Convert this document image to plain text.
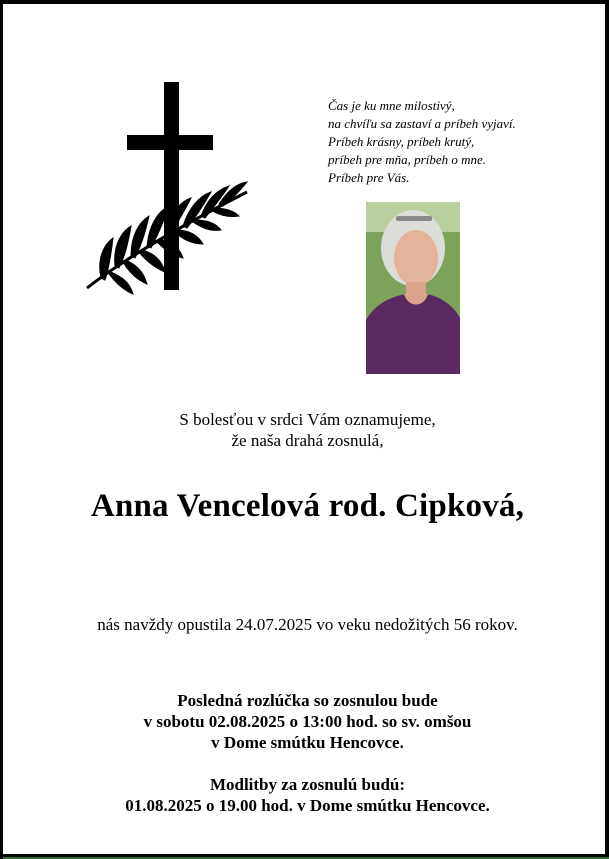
Čas je ku mne milostivý,
na chvíľu sa zastaví a príbeh vyjaví.
Príbeh krásny, príbeh krutý,
príbeh pre mňa, príbeh o mne.
Príbeh pre Vás.
S bolesťou v srdci Vám oznamujeme,
že naša drahá zosnulá,
Anna Vencelová rod. Cipková,
nás navždy opustila 24.07.2025 vo veku nedožitých 56 rokov.
Posledná rozlúčka so zosnulou bude
v sobotu 02.08.2025 o 13:00 hod. so sv. omšou
v Dome smútku Hencovce.
Modlitby za zosnulú budú:
01.08.2025 o 19.00 hod. v Dome smútku Hencovce.
